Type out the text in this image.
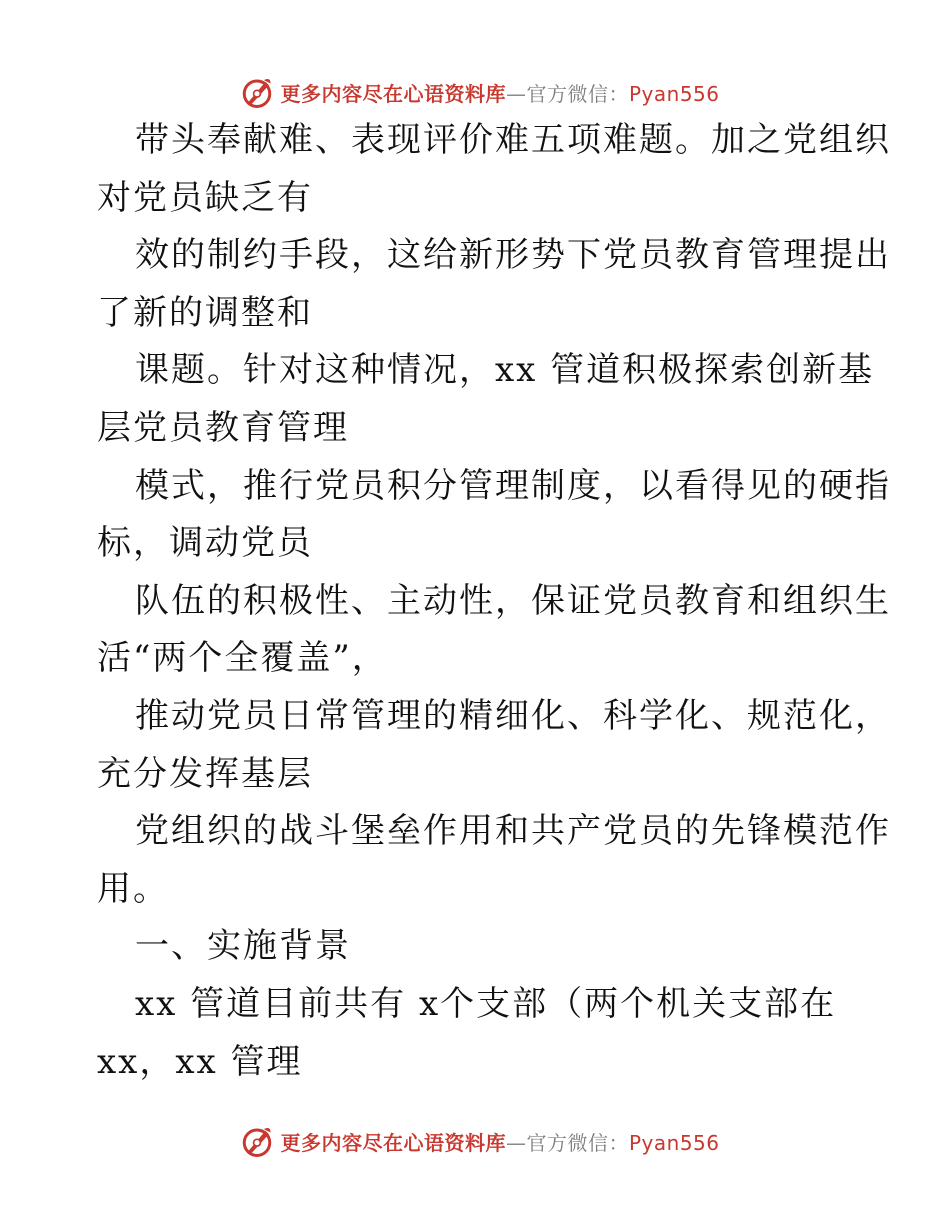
更多内容尽在心语资料库—官方微信：Pyan556
带头奉献难、表现评价难五项难题。加之党组织
对党员缺乏有
效的制约手段，这给新形势下党员教育管理提出
了新的调整和
课题。针对这种情况，xx 管道积极探索创新基
层党员教育管理
模式，推行党员积分管理制度，以看得见的硬指
标，调动党员
队伍的积极性、主动性，保证党员教育和组织生
活“两个全覆盖”，
推动党员日常管理的精细化、科学化、规范化，
充分发挥基层
党组织的战斗堡垒作用和共产党员的先锋模范作
用。
一、实施背景
xx 管道目前共有 x个支部（两个机关支部在
xx，xx 管理
更多内容尽在心语资料库—官方微信：Pyan556
